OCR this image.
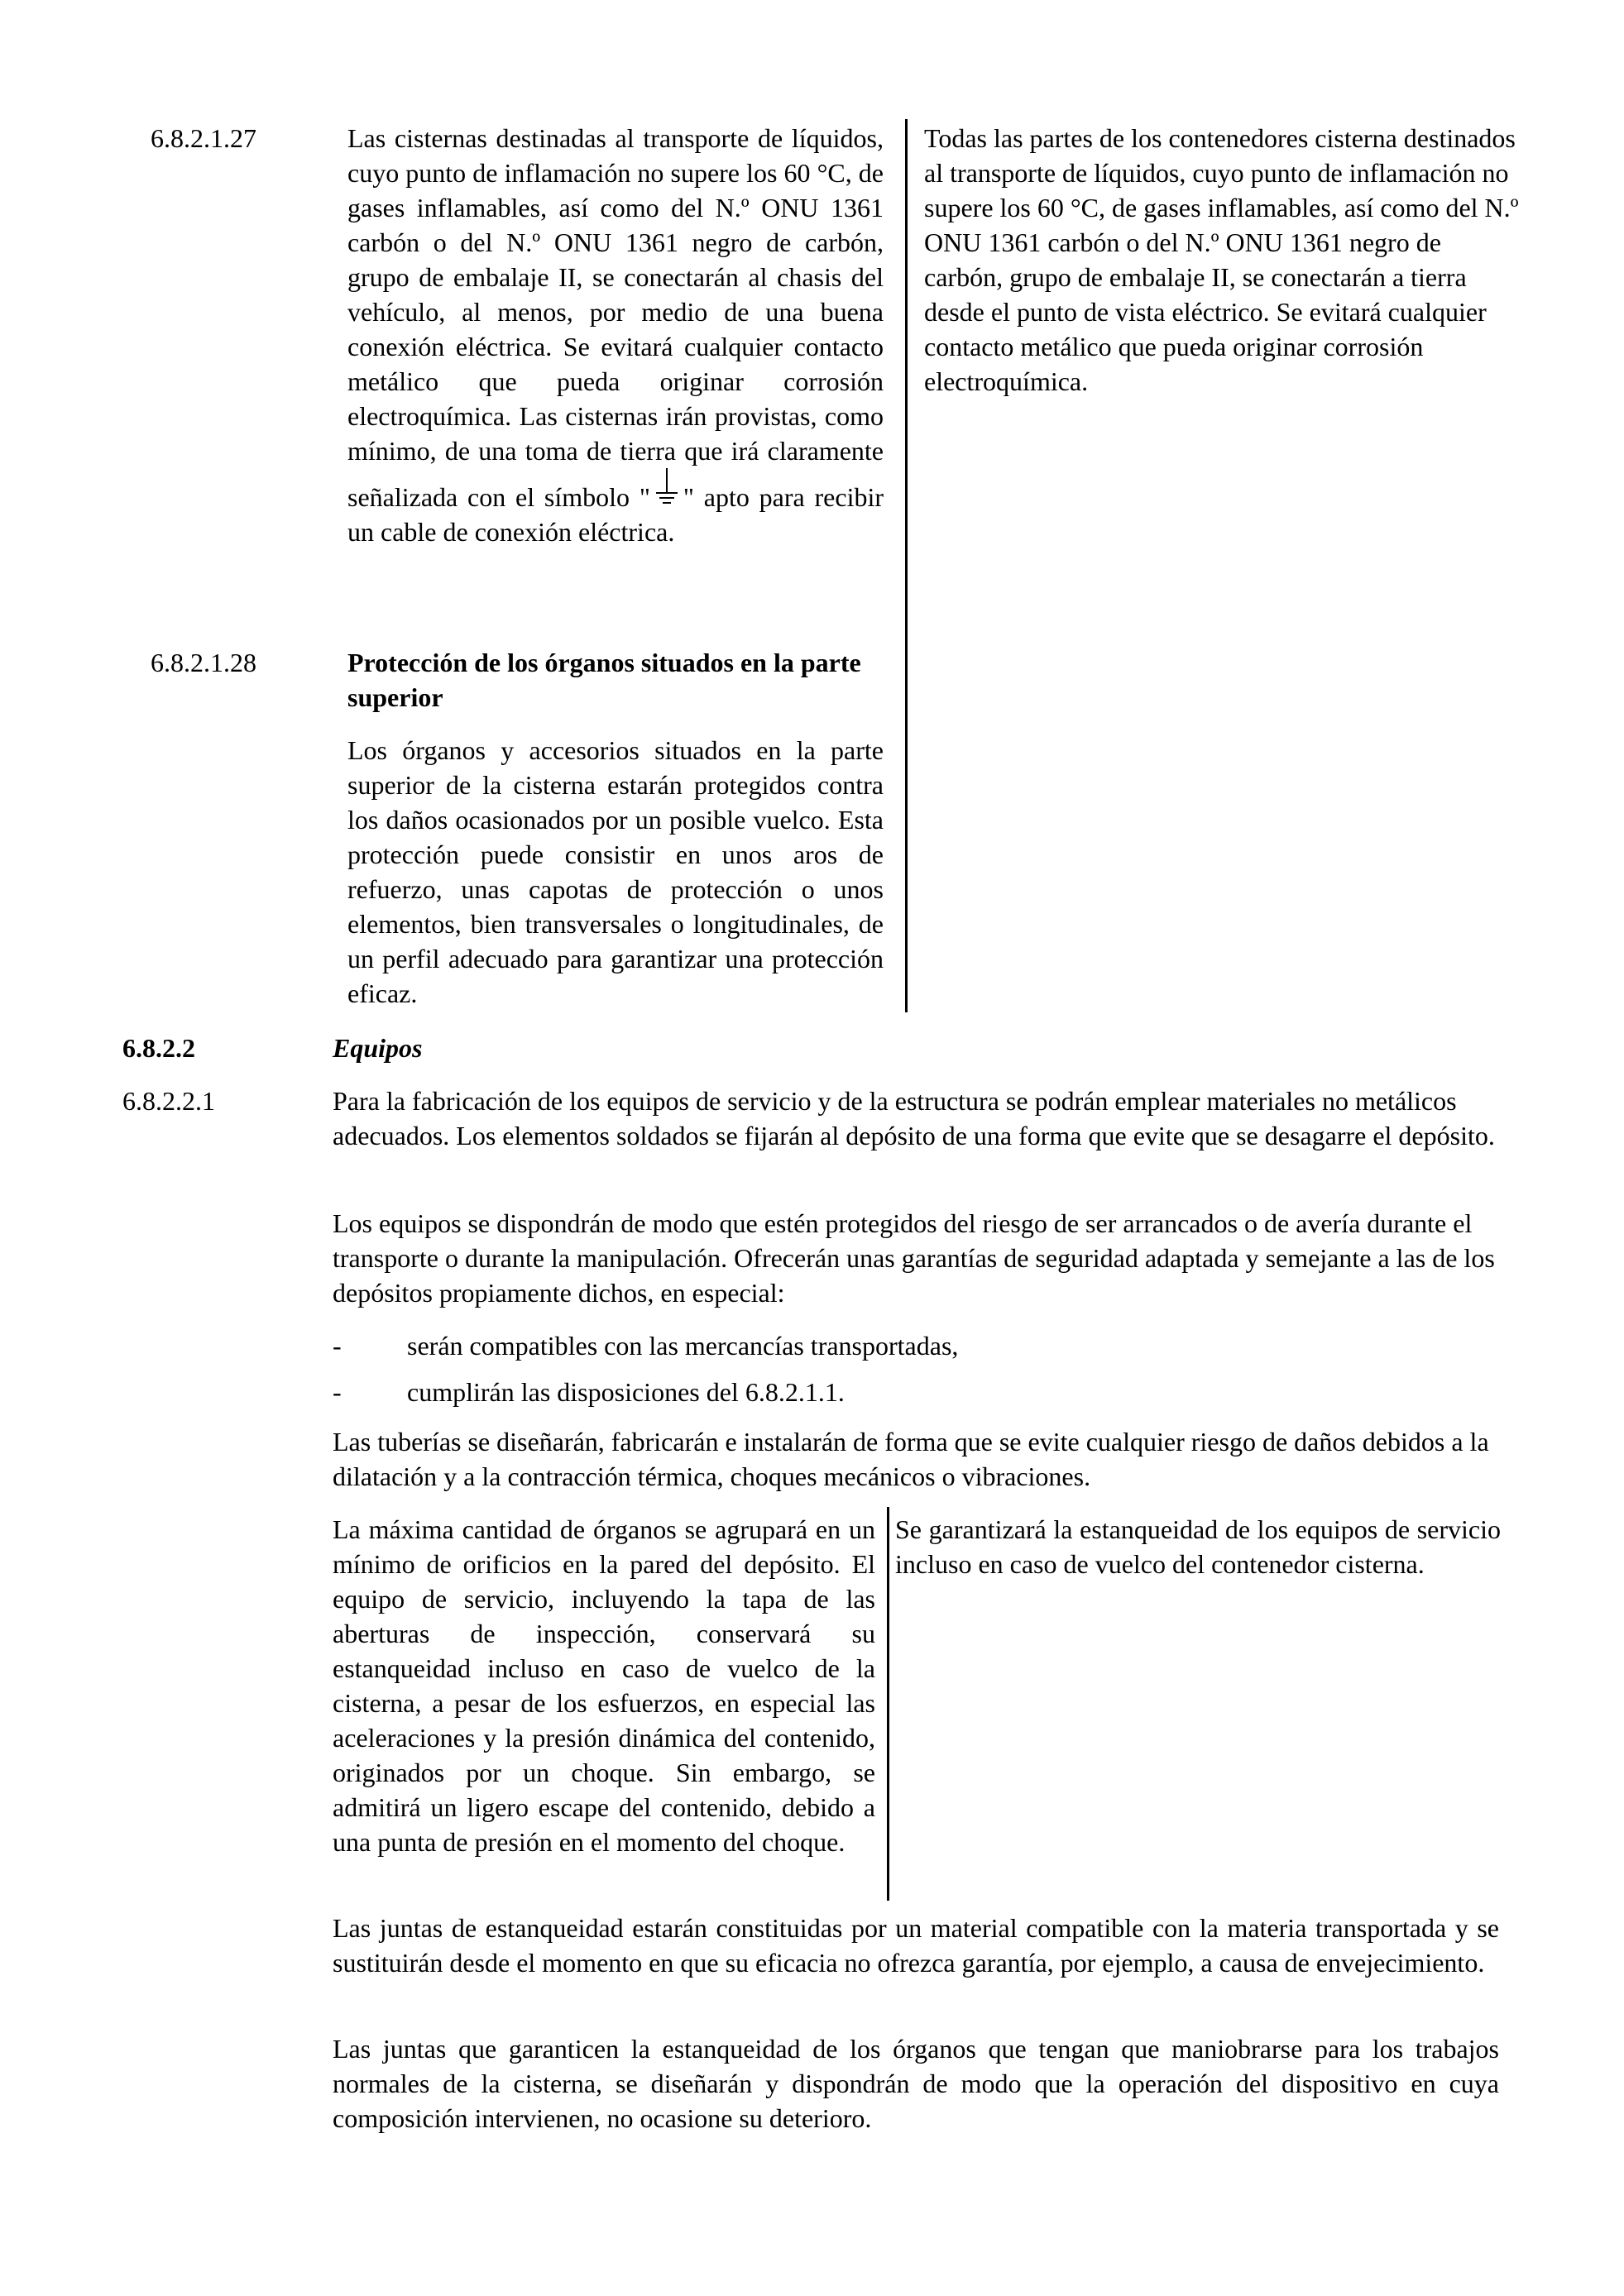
6.8.2.1.27	Las cisternas destinadas al transporte de líquidos, cuyo punto de inflamación no supere los 60 °C, de gases inflamables, así como del N.º ONU 1361 carbón o del N.º ONU 1361 negro de carbón, grupo de embalaje II, se conectarán al chasis del vehículo, al menos, por medio de una buena conexión eléctrica. Se evitará cualquier contacto metálico que pueda originar corrosión electroquímica. Las cisternas irán provistas, como mínimo, de una toma de tierra que irá claramente señalizada con el símbolo " " apto para recibir un cable de conexión eléctrica.

Todas las partes de los contenedores cisterna destinados al transporte de líquidos, cuyo punto de inflamación no supere los 60 °C, de gases inflamables, así como del N.º ONU 1361 carbón o del N.º ONU 1361 negro de carbón, grupo de embalaje II, se conectarán a tierra desde el punto de vista eléctrico. Se evitará cualquier contacto metálico que pueda originar corrosión electroquímica.

6.8.2.1.28	Protección de los órganos situados en la parte superior

Los órganos y accesorios situados en la parte superior de la cisterna estarán protegidos contra los daños ocasionados por un posible vuelco. Esta protección puede consistir en unos aros de refuerzo, unas capotas de protección o unos elementos, bien transversales o longitudinales, de un perfil adecuado para garantizar una protección eficaz.

6.8.2.2	Equipos
6.8.2.2.1	Para la fabricación de los equipos de servicio y de la estructura se podrán emplear materiales no metálicos adecuados. Los elementos soldados se fijarán al depósito de una forma que evite que se desagarre el depósito.

Los equipos se dispondrán de modo que estén protegidos del riesgo de ser arrancados o de avería durante el transporte o durante la manipulación. Ofrecerán unas garantías de seguridad adaptada y semejante a las de los depósitos propiamente dichos, en especial:

- serán compatibles con las mercancías transportadas,
- cumplirán las disposiciones del 6.8.2.1.1.

Las tuberías se diseñarán, fabricarán e instalarán de forma que se evite cualquier riesgo de daños debidos a la dilatación y a la contracción térmica, choques mecánicos o vibraciones.

La máxima cantidad de órganos se agrupará en un mínimo de orificios en la pared del depósito. El equipo de servicio, incluyendo la tapa de las aberturas de inspección, conservará su estanqueidad incluso en caso de vuelco de la cisterna, a pesar de los esfuerzos, en especial las aceleraciones y la presión dinámica del contenido, originados por un choque. Sin embargo, se admitirá un ligero escape del contenido, debido a una punta de presión en el momento del choque.

Se garantizará la estanqueidad de los equipos de servicio incluso en caso de vuelco del contenedor cisterna.

Las juntas de estanqueidad estarán constituidas por un material compatible con la materia transportada y se sustituirán desde el momento en que su eficacia no ofrezca garantía, por ejemplo, a causa de envejecimiento.

Las juntas que garanticen la estanqueidad de los órganos que tengan que maniobrarse para los trabajos normales de la cisterna, se diseñarán y dispondrán de modo que la operación del dispositivo en cuya composición intervienen, no ocasione su deterioro.
